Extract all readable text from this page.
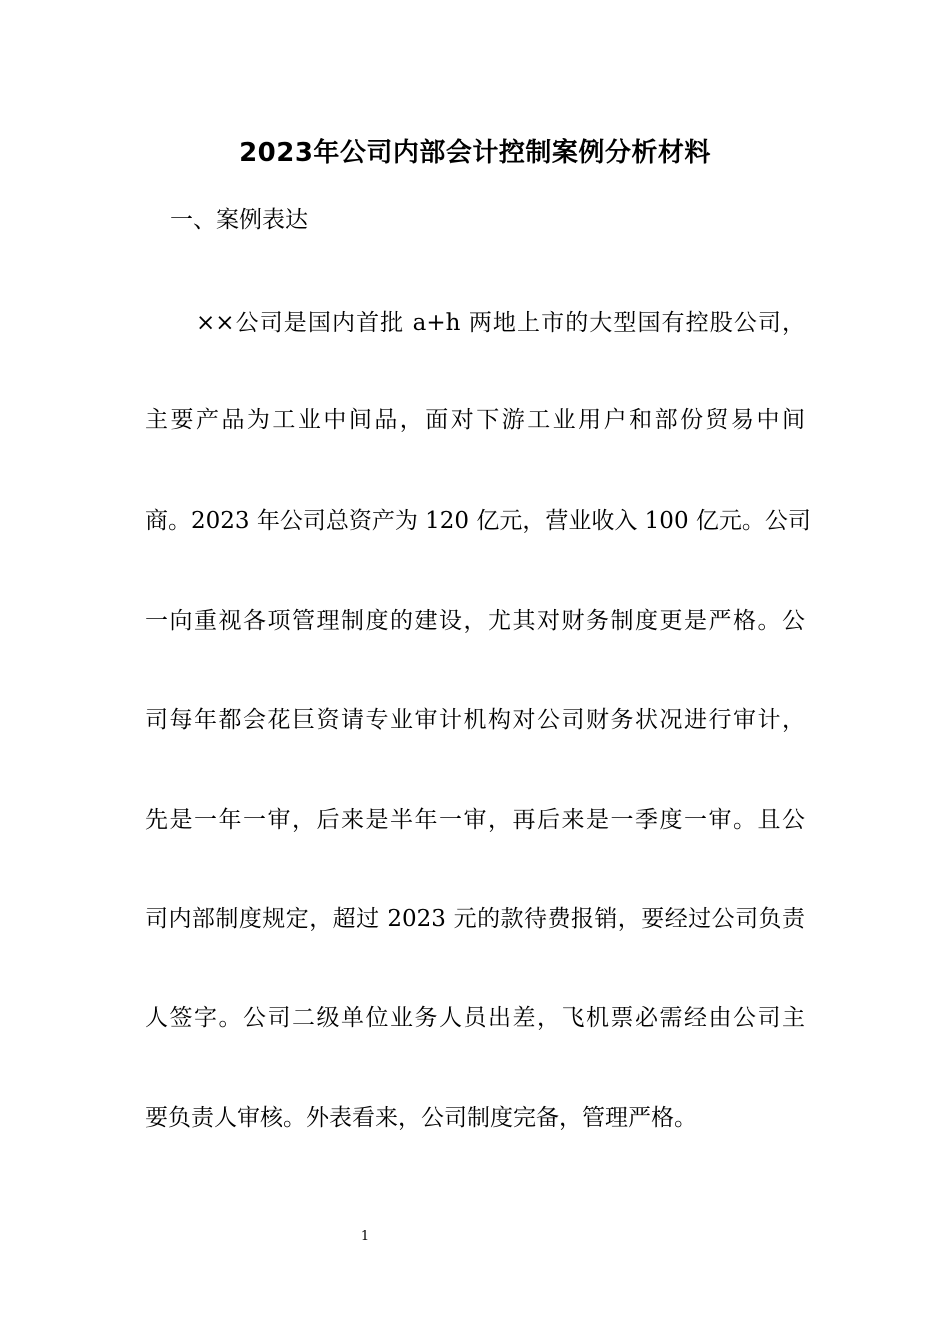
2023年公司内部会计控制案例分析材料
一、案例表达
××公司是国内首批 a+h 两地上市的大型国有控股公司，
主要产品为工业中间品，面对下游工业用户和部份贸易中间
商。2023 年公司总资产为 120 亿元，营业收入 100 亿元。公司
一向重视各项管理制度的建设，尤其对财务制度更是严格。公
司每年都会花巨资请专业审计机构对公司财务状况进行审计，
先是一年一审，后来是半年一审，再后来是一季度一审。且公
司内部制度规定，超过 2023 元的款待费报销，要经过公司负责
人签字。公司二级单位业务人员出差，飞机票必需经由公司主
要负责人审核。外表看来，公司制度完备，管理严格。
1
